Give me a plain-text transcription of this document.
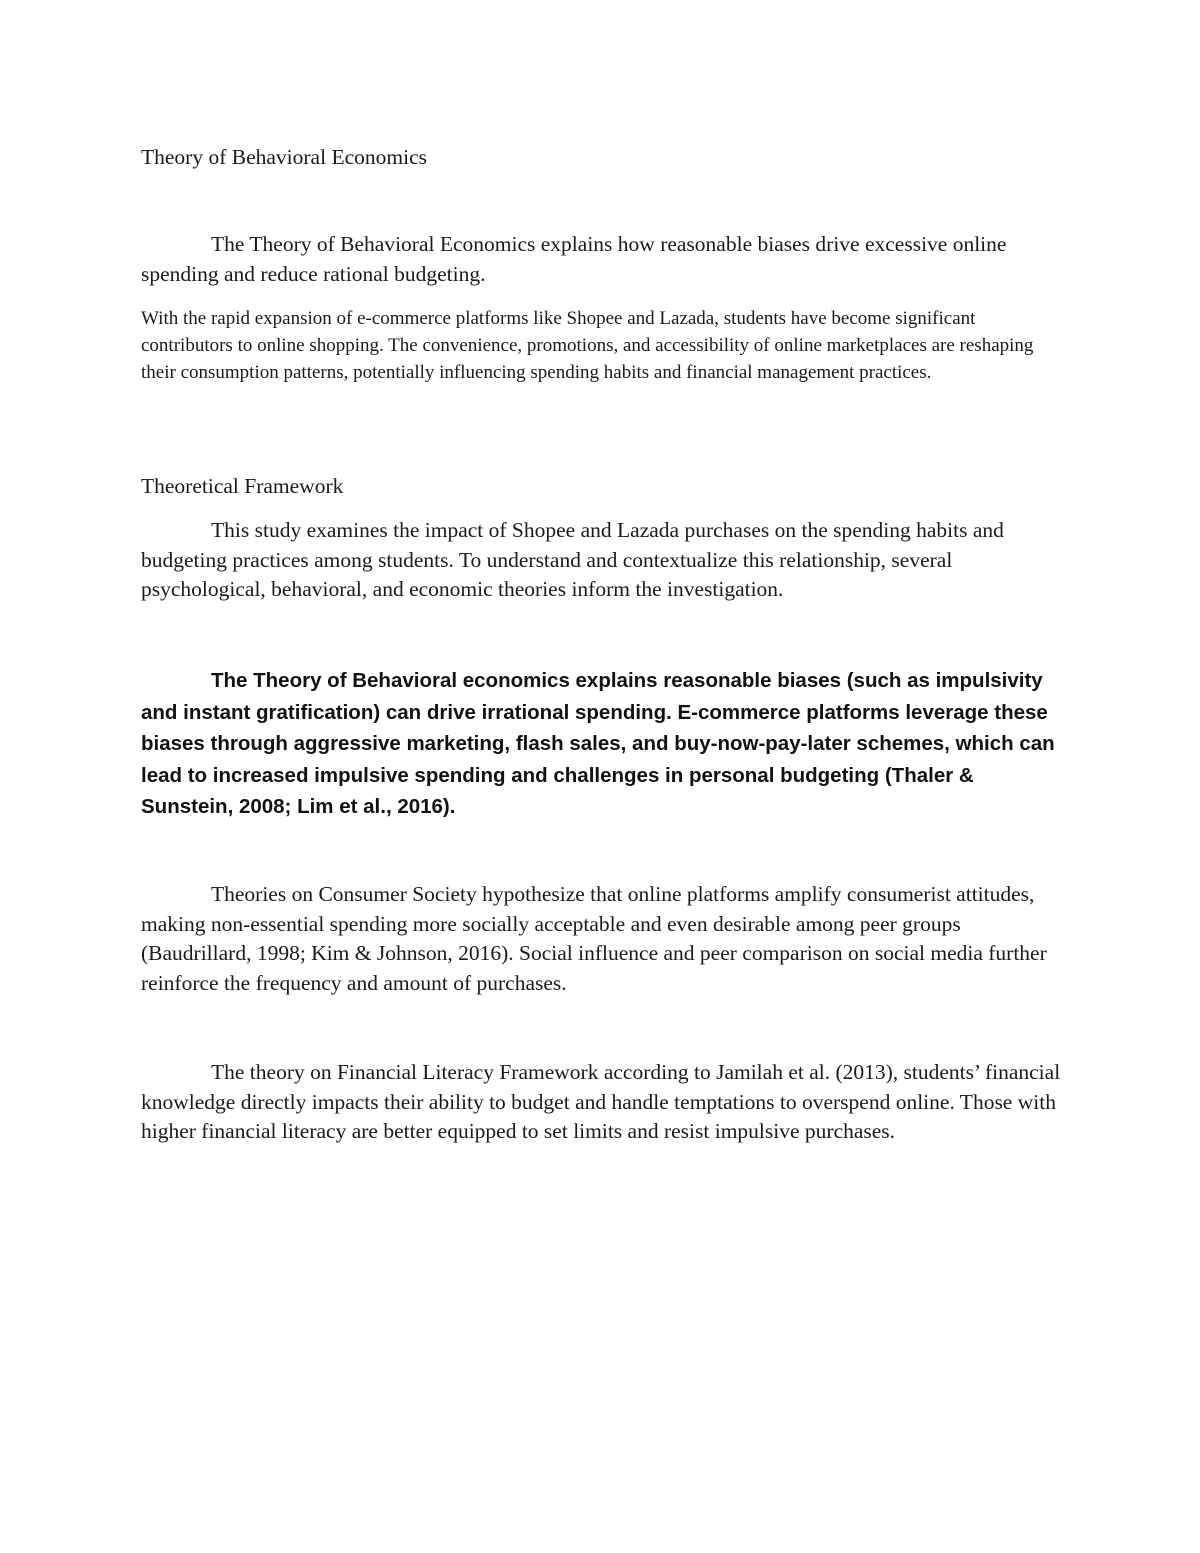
Theory of Behavioral Economics

The Theory of Behavioral Economics explains how reasonable biases drive excessive online spending and reduce rational budgeting.

With the rapid expansion of e-commerce platforms like Shopee and Lazada, students have become significant contributors to online shopping. The convenience, promotions, and accessibility of online marketplaces are reshaping their consumption patterns, potentially influencing spending habits and financial management practices.

Theoretical Framework

This study examines the impact of Shopee and Lazada purchases on the spending habits and budgeting practices among students. To understand and contextualize this relationship, several psychological, behavioral, and economic theories inform the investigation.

The Theory of Behavioral economics explains reasonable biases (such as impulsivity and instant gratification) can drive irrational spending. E-commerce platforms leverage these biases through aggressive marketing, flash sales, and buy-now-pay-later schemes, which can lead to increased impulsive spending and challenges in personal budgeting (Thaler & Sunstein, 2008; Lim et al., 2016).

Theories on Consumer Society hypothesize that online platforms amplify consumerist attitudes, making non-essential spending more socially acceptable and even desirable among peer groups (Baudrillard, 1998; Kim & Johnson, 2016). Social influence and peer comparison on social media further reinforce the frequency and amount of purchases.

The theory on Financial Literacy Framework according to Jamilah et al. (2013), students’ financial knowledge directly impacts their ability to budget and handle temptations to overspend online. Those with higher financial literacy are better equipped to set limits and resist impulsive purchases.
